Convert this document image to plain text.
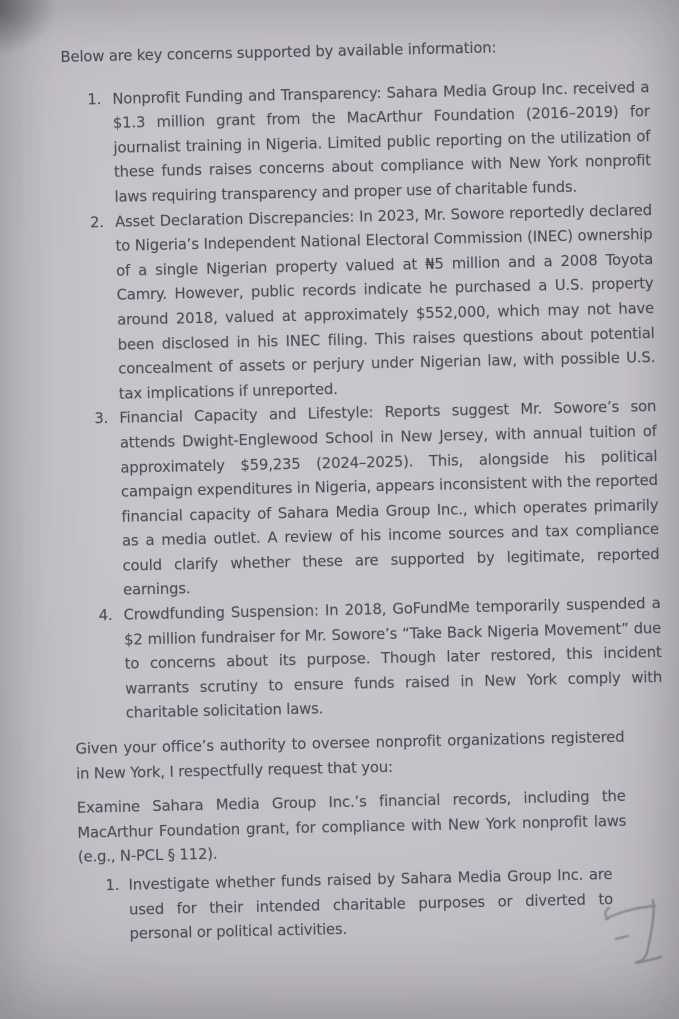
Below are key concerns supported by available information:

1. Nonprofit Funding and Transparency: Sahara Media Group Inc. received a $1.3 million grant from the MacArthur Foundation (2016–2019) for journalist training in Nigeria. Limited public reporting on the utilization of these funds raises concerns about compliance with New York nonprofit laws requiring transparency and proper use of charitable funds.
2. Asset Declaration Discrepancies: In 2023, Mr. Sowore reportedly declared to Nigeria’s Independent National Electoral Commission (INEC) ownership of a single Nigerian property valued at ₦5 million and a 2008 Toyota Camry. However, public records indicate he purchased a U.S. property around 2018, valued at approximately $552,000, which may not have been disclosed in his INEC filing. This raises questions about potential concealment of assets or perjury under Nigerian law, with possible U.S. tax implications if unreported.
3. Financial Capacity and Lifestyle: Reports suggest Mr. Sowore’s son attends Dwight-Englewood School in New Jersey, with annual tuition of approximately $59,235 (2024–2025). This, alongside his political campaign expenditures in Nigeria, appears inconsistent with the reported financial capacity of Sahara Media Group Inc., which operates primarily as a media outlet. A review of his income sources and tax compliance could clarify whether these are supported by legitimate, reported earnings.
4. Crowdfunding Suspension: In 2018, GoFundMe temporarily suspended a $2 million fundraiser for Mr. Sowore’s “Take Back Nigeria Movement” due to concerns about its purpose. Though later restored, this incident warrants scrutiny to ensure funds raised in New York comply with charitable solicitation laws.

Given your office’s authority to oversee nonprofit organizations registered in New York, I respectfully request that you:

Examine Sahara Media Group Inc.’s financial records, including the MacArthur Foundation grant, for compliance with New York nonprofit laws (e.g., N-PCL § 112).

1. Investigate whether funds raised by Sahara Media Group Inc. are used for their intended charitable purposes or diverted to personal or political activities.
